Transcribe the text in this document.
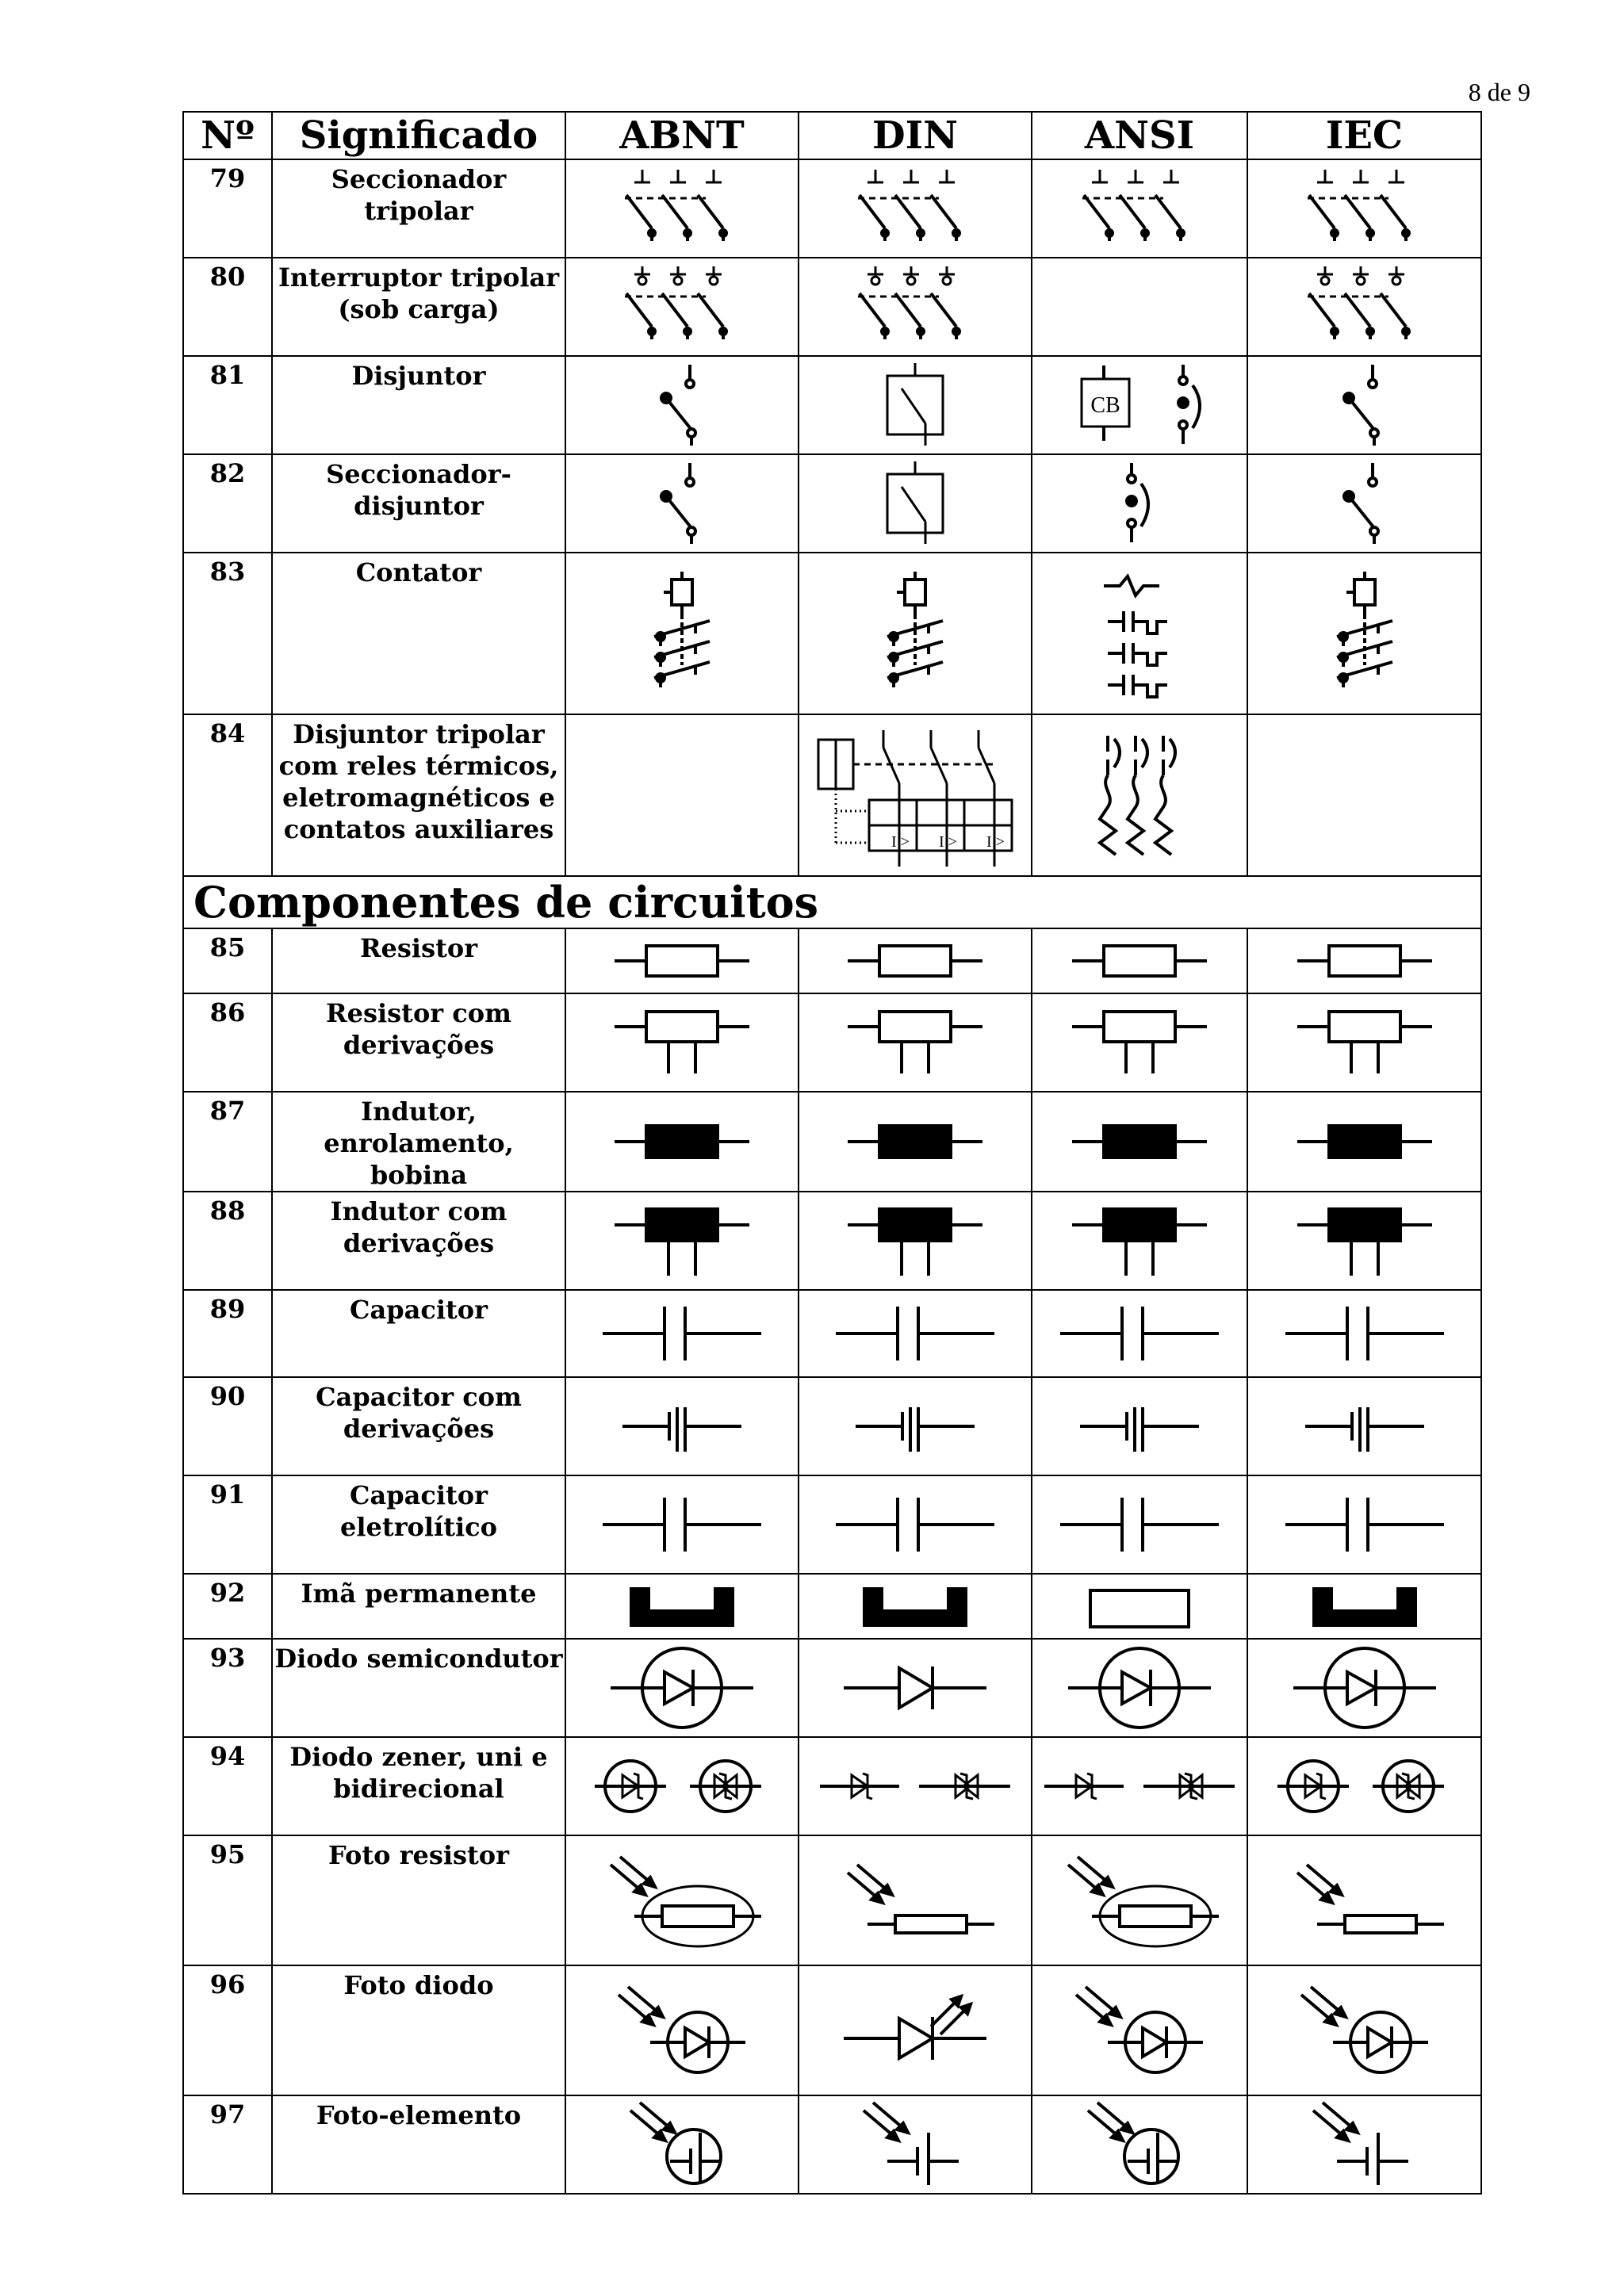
8 de 9
Nº	Significado	ABNT	DIN	ANSI	IEC
79	Seccionador tripolar	

80	Interruptor tripolar (sob carga)	

81	Disjuntor			CB

82	Seccionador-disjuntor	

83	Contator	

84	Disjuntor tripolar com reles térmicos, eletromagnéticos e contatos auxiliares		I > I > I >

Componentes de circuitos					
85	Resistor	

86	Resistor com derivações	

87	Indutor, enrolamento, bobina	

88	Indutor com derivações	

89	Capacitor	

90	Capacitor com derivações	

91	Capacitor eletrolítico	

92	Imã permanente	

93	Diodo semicondutor	

94	Diodo zener, uni e bidirecional	

95	Foto resistor	

96	Foto diodo	

97	Foto-elemento	
